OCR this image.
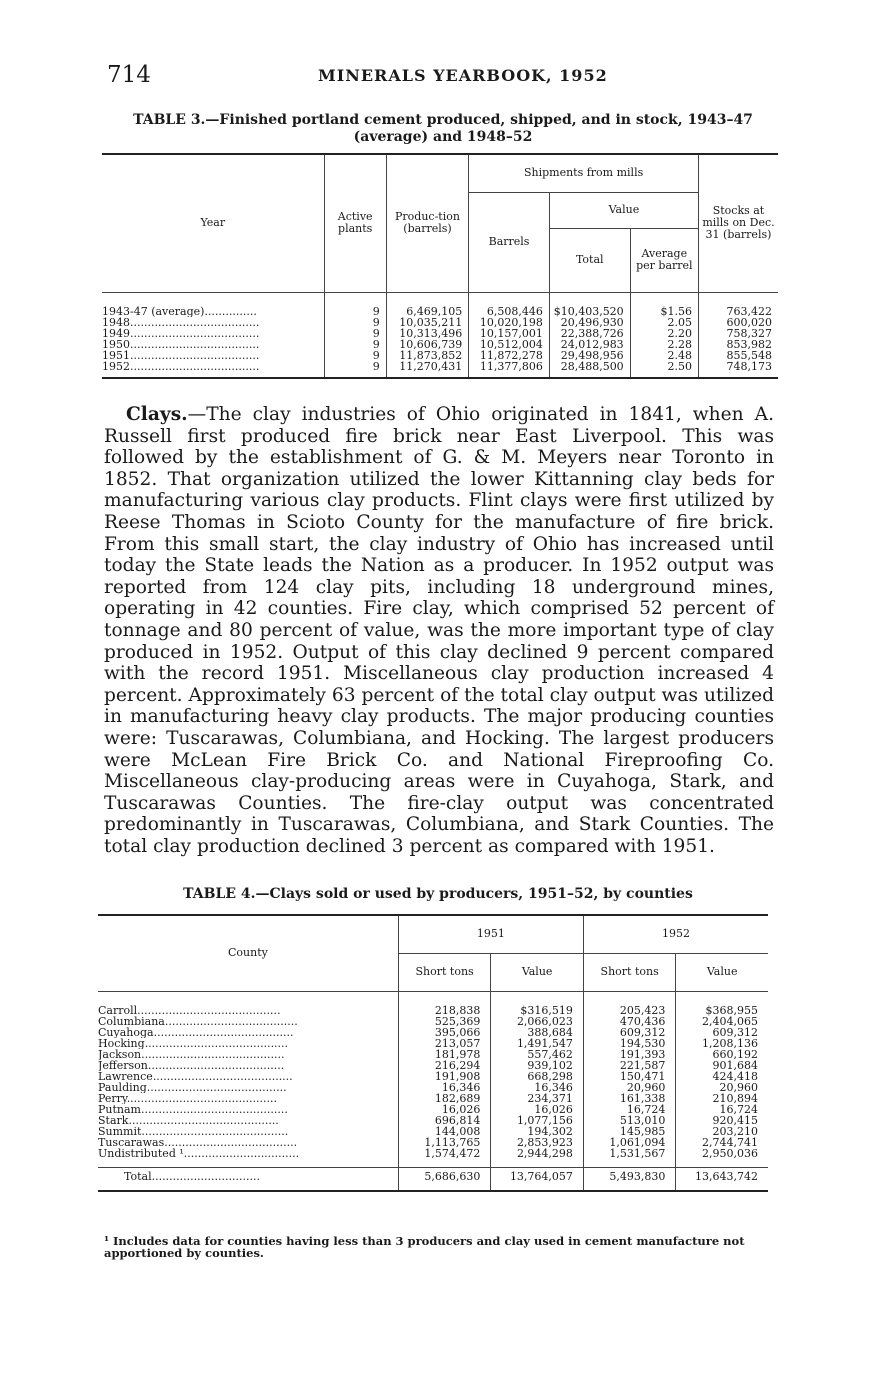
714	MINERALS YEARBOOK, 1952
TABLE 3.—Finished portland cement produced, shipped, and in stock, 1943–47 (average) and 1948–52
Year	Active plants	Produc-tion (barrels)	Shipments from mills			Stocks at mills on Dec. 31 (barrels)
			Barrels	Value		
				Total	Average per barrel	

1943-47 (average)...............	9	6,469,105	6,508,446	$10,403,520	$1.56	763,422
1948.....................................	9	10,035,211	10,020,198	20,496,930	2.05	600,020
1949.....................................	9	10,313,496	10,157,001	22,388,726	2.20	758,327
1950.....................................	9	10,606,739	10,512,004	24,012,983	2.28	853,982
1951.....................................	9	11,873,852	11,872,278	29,498,956	2.48	855,548
1952.....................................	9	11,270,431	11,377,806	28,488,500	2.50	748,173

Clays.—The clay industries of Ohio originated in 1841, when A. Russell first produced fire brick near East Liverpool. This was followed by the establishment of G. & M. Meyers near Toronto in 1852. That organization utilized the lower Kittanning clay beds for manufacturing various clay products. Flint clays were first utilized by Reese Thomas in Scioto County for the manufacture of fire brick. From this small start, the clay industry of Ohio has increased until today the State leads the Nation as a producer. In 1952 output was reported from 124 clay pits, including 18 underground mines, operating in 42 counties. Fire clay, which comprised 52 percent of tonnage and 80 percent of value, was the more important type of clay produced in 1952. Output of this clay declined 9 percent compared with the record 1951. Miscellaneous clay production increased 4 percent. Approximately 63 percent of the total clay output was utilized in manufacturing heavy clay products. The major producing counties were: Tuscarawas, Columbiana, and Hocking. The largest producers were McLean Fire Brick Co. and National Fireproofing Co. Miscellaneous clay-producing areas were in Cuyahoga, Stark, and Tuscarawas Counties. The fire-clay output was concentrated predominantly in Tuscarawas, Columbiana, and Stark Counties. The total clay production declined 3 percent as compared with 1951.
TABLE 4.—Clays sold or used by producers, 1951–52, by counties
County	1951		1952	
	Short tons	Value	Short tons	Value

Carroll.........................................	218,838	$316,519	205,423	$368,955
Columbiana......................................	525,369	2,066,023	470,436	2,404,065
Cuyahoga........................................	395,066	388,684	609,312	609,312
Hocking.........................................	213,057	1,491,547	194,530	1,208,136
Jackson.........................................	181,978	557,462	191,393	660,192
Jefferson.......................................	216,294	939,102	221,587	901,684
Lawrence........................................	191,908	668,298	150,471	424,418
Paulding........................................	16,346	16,346	20,960	20,960
Perry...........................................	182,689	234,371	161,338	210,894
Putnam..........................................	16,026	16,026	16,724	16,724
Stark...........................................	696,814	1,077,156	513,010	920,415
Summit..........................................	144,008	194,302	145,985	203,210
Tuscarawas......................................	1,113,765	2,853,923	1,061,094	2,744,741
Undistributed ¹.................................	1,574,472	2,944,298	1,531,567	2,950,036

Total...............................	5,686,630	13,764,057	5,493,830	13,643,742

¹ Includes data for counties having less than 3 producers and clay used in cement manufacture not apportioned by counties.
